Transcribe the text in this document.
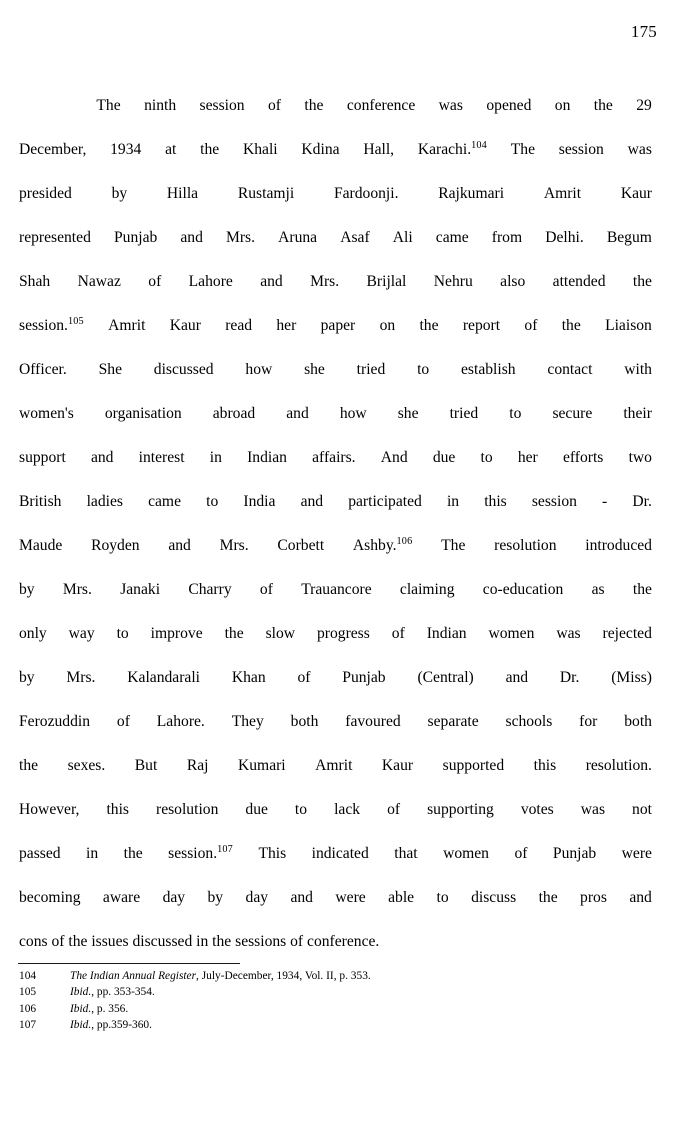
175
The ninth session of the conference was opened on the 29
December, 1934 at the Khali Kdina Hall, Karachi.$^{104}$ The session was
presided	by	Hilla	Rustamji	Fardoonji.	Rajkumari	Amrit	Kaur
represented Punjab and Mrs. Aruna Asaf Ali came from Delhi. Begum
Shah Nawaz of Lahore and Mrs. Brijlal Nehru also attended the
session.$^{105}$ Amrit Kaur read her paper on the report of the Liaison
Officer. She discussed how she tried to establish contact with
women's organisation abroad and how she tried to secure their
support and interest in Indian affairs. And due to her efforts two
British ladies came to India and participated in this session - Dr.
Maude Royden and Mrs. Corbett Ashby.$^{106}$ The resolution introduced
by Mrs. Janaki Charry of Trauancore claiming co-education as the
only way to improve the slow progress of Indian women was rejected
by Mrs. Kalandarali Khan of Punjab (Central) and Dr. (Miss)
Ferozuddin of Lahore. They both favoured separate schools for both
the sexes. But Raj Kumari Amrit Kaur supported this resolution.
However, this resolution due to lack of supporting votes was not
passed in the session.$^{107}$ This indicated that women of Punjab were
becoming aware day by day and were able to discuss the pros and
cons of the issues discussed in the sessions of conference.
104	The Indian Annual Register, July-December, 1934, Vol. II, p. 353.
105	Ibid., pp. 353-354.
106	Ibid., p. 356.
107	Ibid., pp.359-360.
